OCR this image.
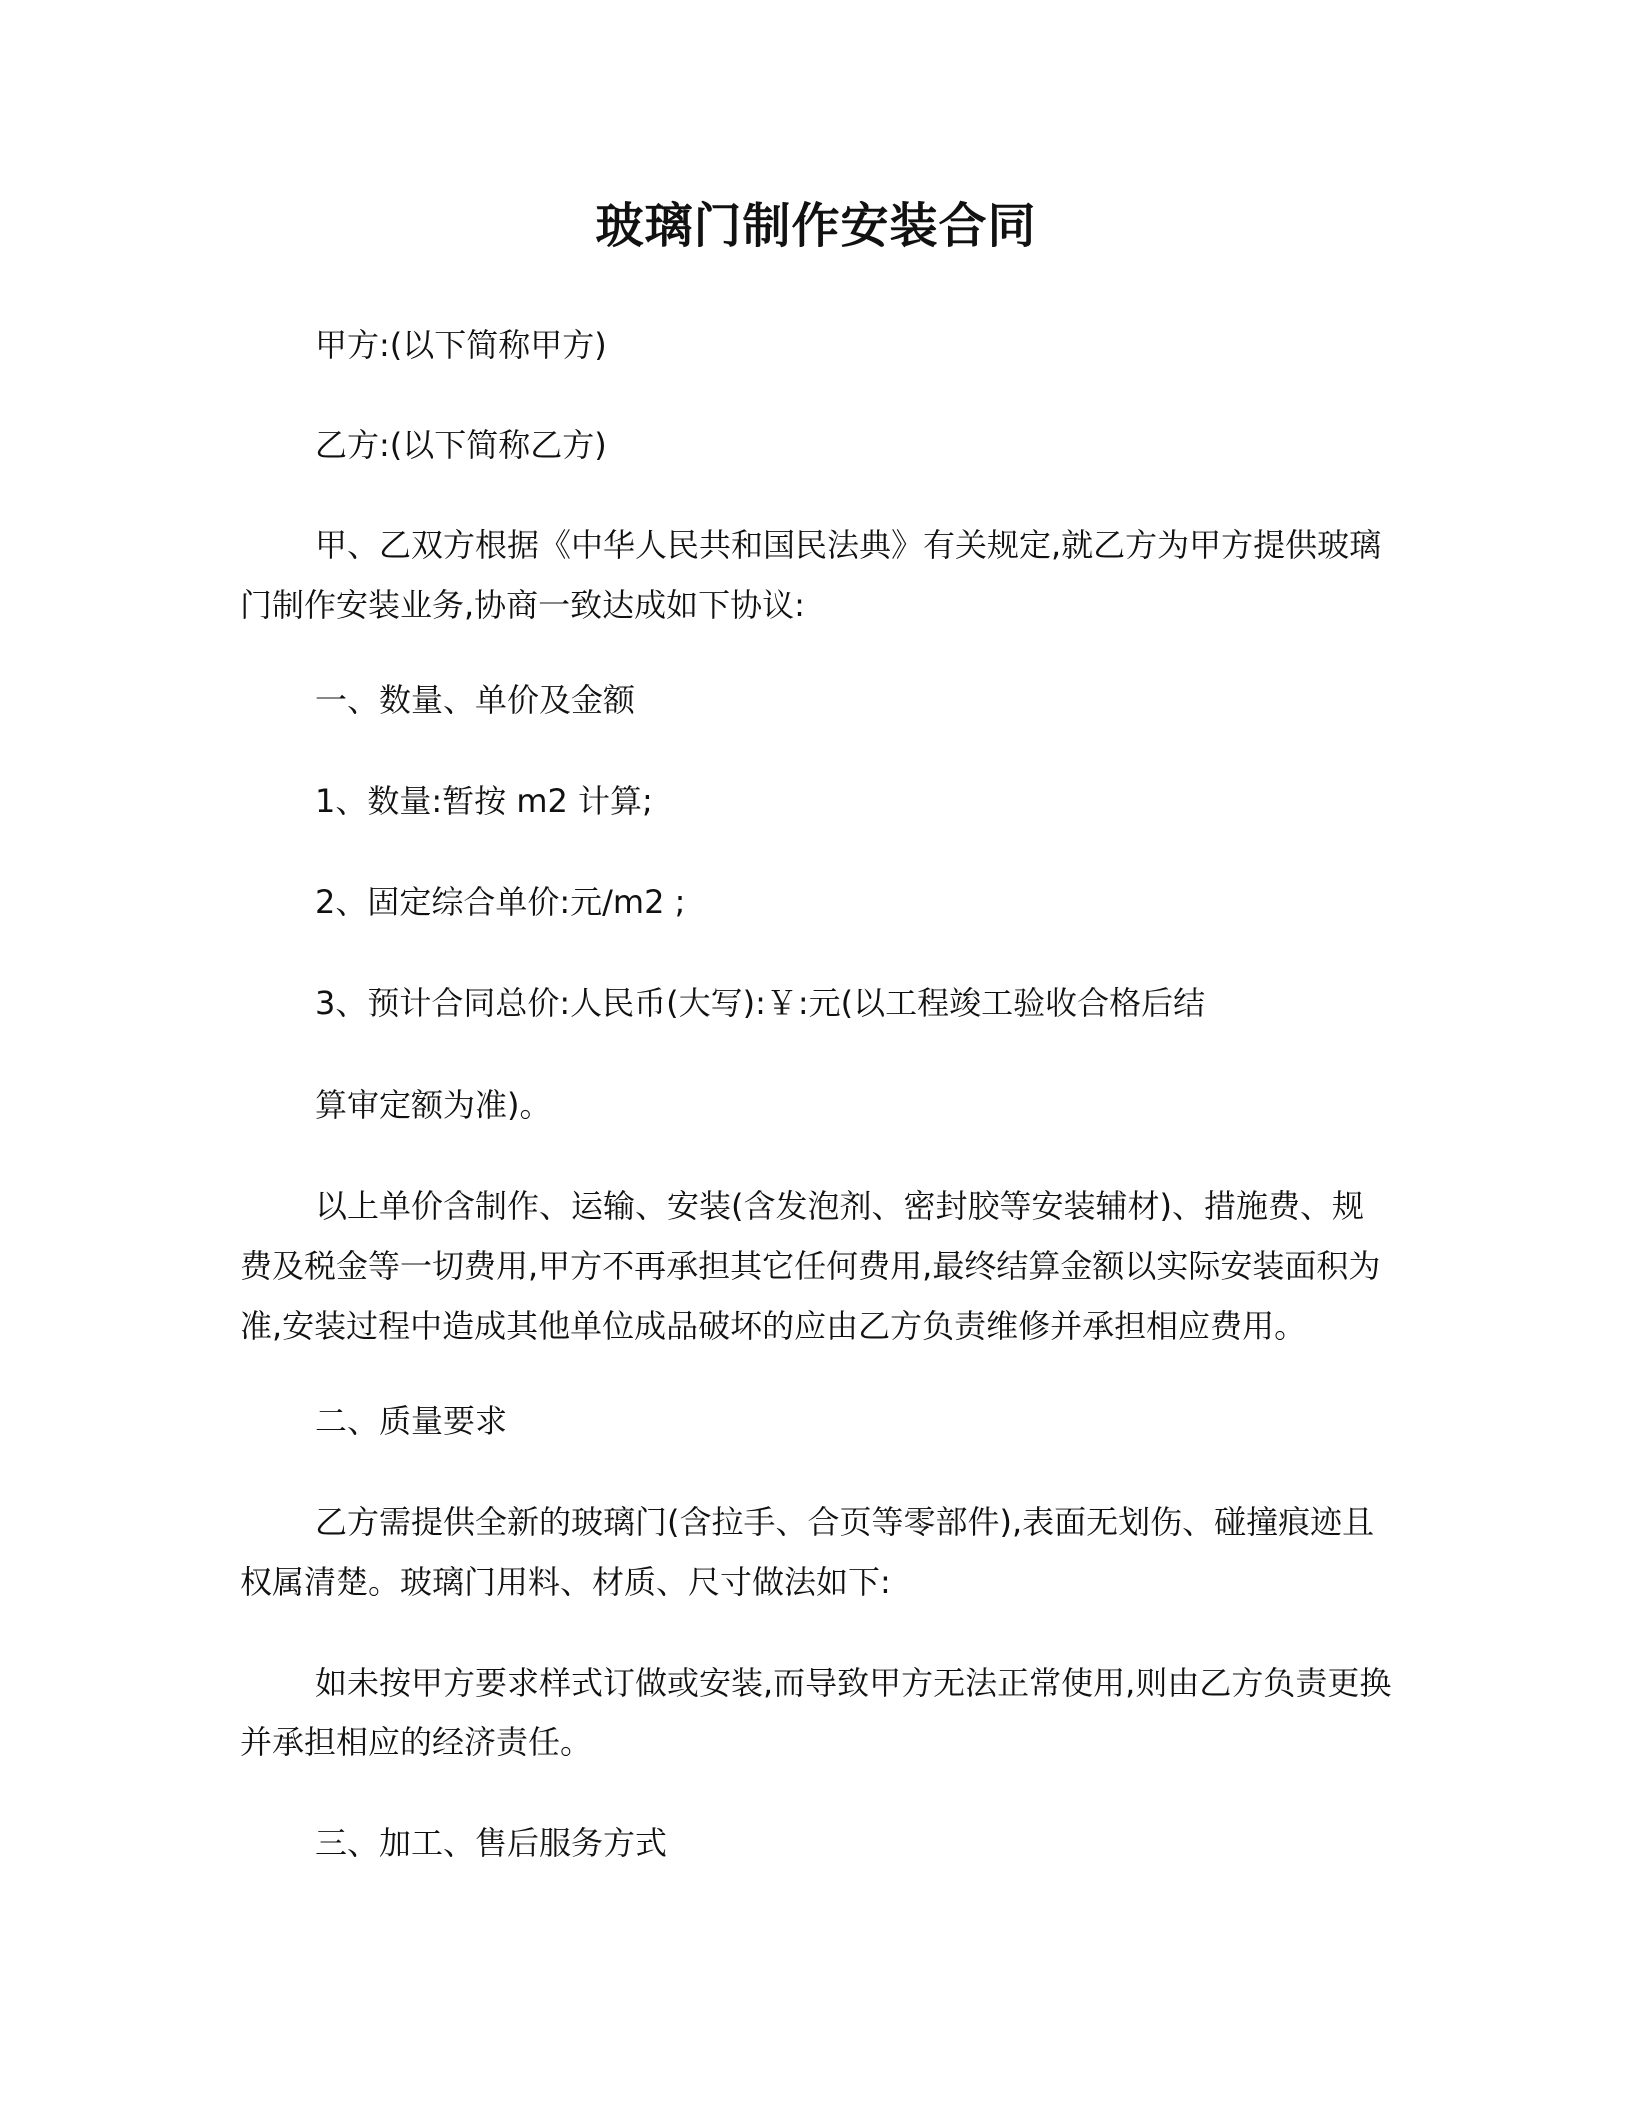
玻璃门制作安装合同
甲方:(以下简称甲方)
乙方:(以下简称乙方)
甲、乙双方根据《中华人民共和国民法典》有关规定,就乙方为甲方提供玻璃
门制作安装业务,协商一致达成如下协议:
一、数量、单价及金额
1、数量:暂按 m2 计算;
2、固定综合单价:元/m2 ;
3、预计合同总价:人民币(大写):￥:元(以工程竣工验收合格后结
算审定额为准)。
以上单价含制作、运输、安装(含发泡剂、密封胶等安装辅材)、措施费、规
费及税金等一切费用,甲方不再承担其它任何费用,最终结算金额以实际安装面积为
准,安装过程中造成其他单位成品破坏的应由乙方负责维修并承担相应费用。
二、质量要求
乙方需提供全新的玻璃门(含拉手、合页等零部件),表面无划伤、碰撞痕迹且
权属清楚。玻璃门用料、材质、尺寸做法如下:
如未按甲方要求样式订做或安装,而导致甲方无法正常使用,则由乙方负责更换
并承担相应的经济责任。
三、加工、售后服务方式
